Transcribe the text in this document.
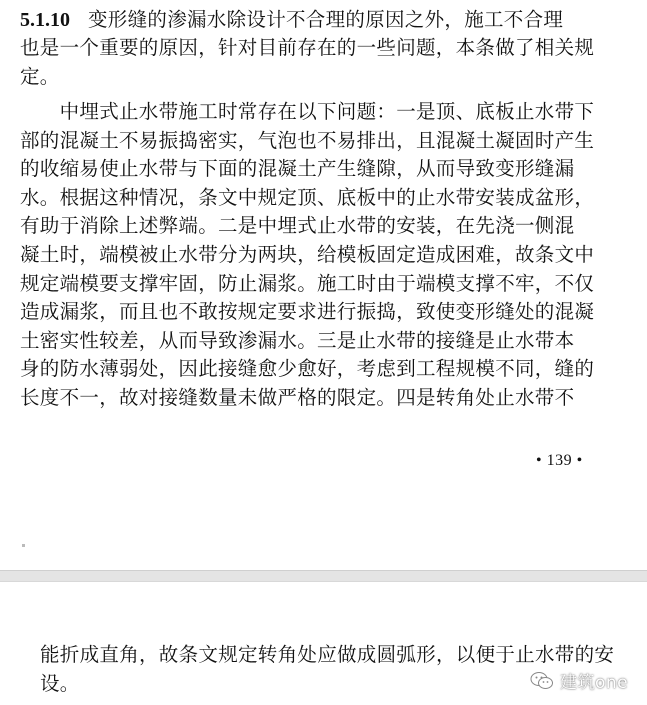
5.1.10 变形缝的渗漏水除设计不合理的原因之外，施工不合理
也是一个重要的原因，针对目前存在的一些问题，本条做了相关规
定。
　　中埋式止水带施工时常存在以下问题：一是顶、底板止水带下
部的混凝土不易振捣密实，气泡也不易排出，且混凝土凝固时产生
的收缩易使止水带与下面的混凝土产生缝隙，从而导致变形缝漏
水。根据这种情况，条文中规定顶、底板中的止水带安装成盆形，
有助于消除上述弊端。二是中埋式止水带的安装，在先浇一侧混
凝土时，端模被止水带分为两块，给模板固定造成困难，故条文中
规定端模要支撑牢固，防止漏浆。施工时由于端模支撑不牢，不仅
造成漏浆，而且也不敢按规定要求进行振捣，致使变形缝处的混凝
土密实性较差，从而导致渗漏水。三是止水带的接缝是止水带本
身的防水薄弱处，因此接缝愈少愈好，考虑到工程规模不同，缝的
长度不一，故对接缝数量未做严格的限定。四是转角处止水带不
• 139 •
能折成直角，故条文规定转角处应做成圆弧形，以便于止水带的安
设。	建筑one
